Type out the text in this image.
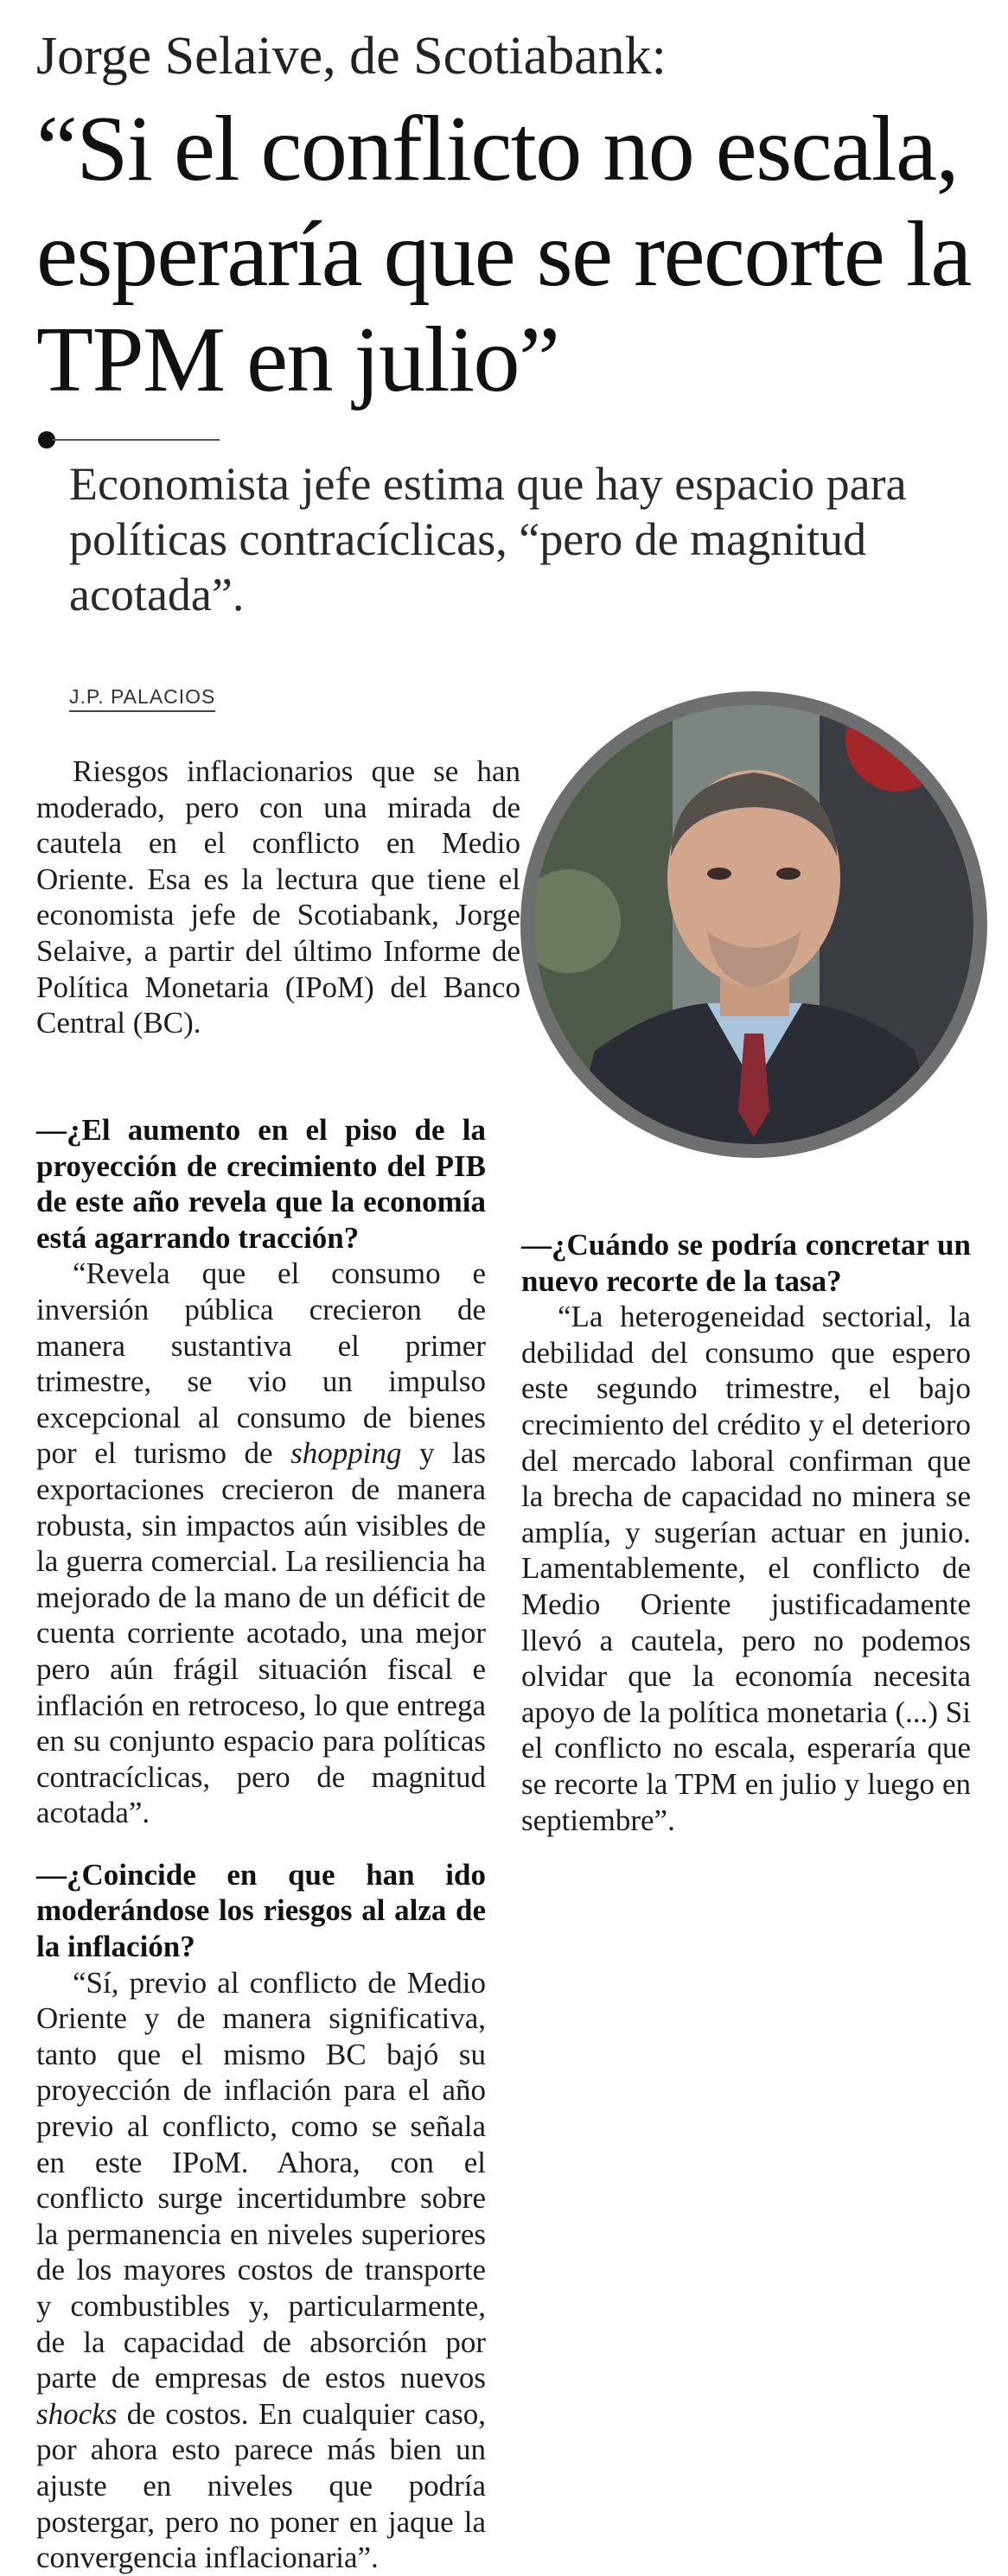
Jorge Selaive, de Scotiabank:
“Si el conflicto no escala, esperaría que se recorte la TPM en julio”
Economista jefe estima que hay espacio para políticas contracíclicas, “pero de magnitud acotada”.
J.P. PALACIOS

Riesgos inflacionarios que se han moderado, pero con una mirada de cautela en el conflicto en Medio Oriente. Esa es la lectura que tiene el economista jefe de Scotiabank, Jorge Selaive, a partir del último Informe de Política Monetaria (IPoM) del Banco Central (BC).

—¿El aumento en el piso de la proyección de crecimiento del PIB de este año revela que la economía está agarrando tracción?

“Revela que el consumo e inversión pública crecieron de manera sustantiva el primer trimestre, se vio un impulso excepcional al consumo de bienes por el turismo de shopping y las exportaciones crecieron de manera robusta, sin impactos aún visibles de la guerra comercial. La resiliencia ha mejorado de la mano de un déficit de cuenta corriente acotado, una mejor pero aún frágil situación fiscal e inflación en retroceso, lo que entrega en su conjunto espacio para políticas contracíclicas, pero de magnitud acotada”.

—¿Coincide en que han ido moderándose los riesgos al alza de la inflación?

“Sí, previo al conflicto de Medio Oriente y de manera significativa, tanto que el mismo BC bajó su proyección de inflación para el año previo al conflicto, como se señala en este IPoM. Ahora, con el conflicto surge incertidumbre sobre la permanencia en niveles superiores de los mayores costos de transporte y combustibles y, particularmente, de la capacidad de absorción por parte de empresas de estos nuevos shocks de costos. En cualquier caso, por ahora esto parece más bien un ajuste en niveles que podría postergar, pero no poner en jaque la convergencia inflacionaria”.

—¿Cuándo se podría concretar un nuevo recorte de la tasa?

“La heterogeneidad sectorial, la debilidad del consumo que espero este segundo trimestre, el bajo crecimiento del crédito y el deterioro del mercado laboral confirman que la brecha de capacidad no minera se amplía, y sugerían actuar en junio. Lamentablemente, el conflicto de Medio Oriente justificadamente llevó a cautela, pero no podemos olvidar que la economía necesita apoyo de la política monetaria (...) Si el conflicto no escala, esperaría que se recorte la TPM en julio y luego en septiembre”.
